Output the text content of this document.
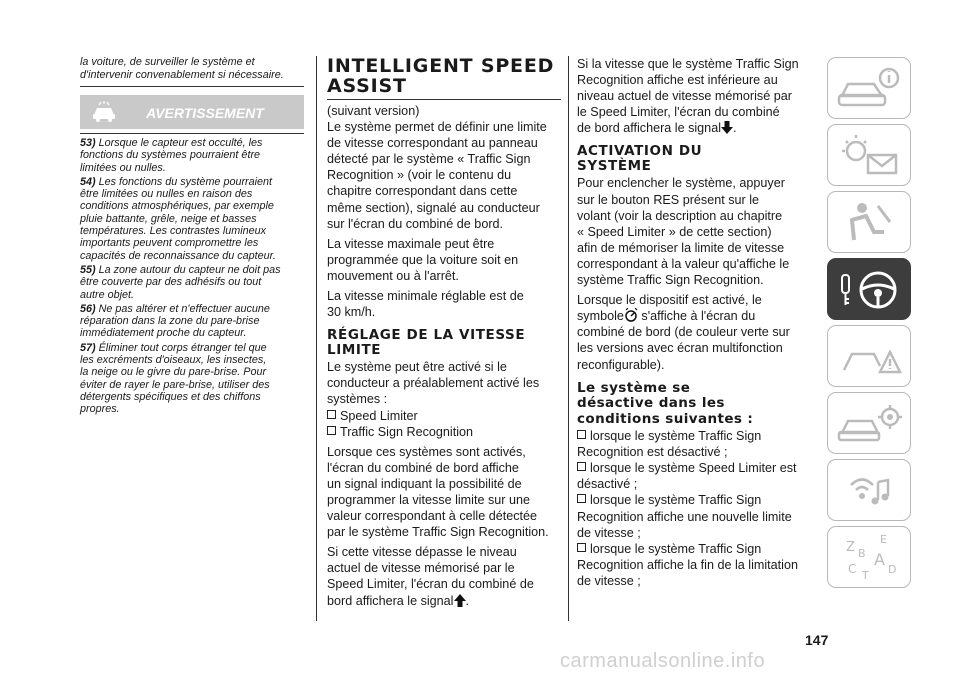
la voiture, de surveiller le système et

d'intervenir convenablement si nécessaire.

AVERTISSEMENT

53) Lorsque le capteur est occulté, les

fonctions du systèmes pourraient être

limitées ou nulles.

54) Les fonctions du système pourraient

être limitées ou nulles en raison des

conditions atmosphériques, par exemple

pluie battante, grêle, neige et basses

températures. Les contrastes lumineux

importants peuvent compromettre les

capacités de reconnaissance du capteur.

55) La zone autour du capteur ne doit pas

être couverte par des adhésifs ou tout

autre objet.

56) Ne pas altérer et n'effectuer aucune

réparation dans la zone du pare-brise

immédiatement proche du capteur.

57) Éliminer tout corps étranger tel que

les excréments d'oiseaux, les insectes,

la neige ou le givre du pare-brise. Pour

éviter de rayer le pare-brise, utiliser des

détergents spécifiques et des chiffons

propres.

INTELLIGENT SPEED
ASSIST

(suivant version)

Le système permet de définir une limite

de vitesse correspondant au panneau

détecté par le système « Traffic Sign

Recognition » (voir le contenu du

chapitre correspondant dans cette

même section), signalé au conducteur

sur l'écran du combiné de bord.

La vitesse maximale peut être

programmée que la voiture soit en

mouvement ou à l'arrêt.

La vitesse minimale réglable est de

30 km/h.

RÉGLAGE DE LA VITESSE
LIMITE

Le système peut être activé si le

conducteur a préalablement activé les

systèmes :

Speed Limiter

Traffic Sign Recognition

Lorsque ces systèmes sont activés,

l'écran du combiné de bord affiche

un signal indiquant la possibilité de

programmer la vitesse limite sur une

valeur correspondant à celle détectée

par le système Traffic Sign Recognition.

Si cette vitesse dépasse le niveau

actuel de vitesse mémorisé par le

Speed Limiter, l'écran du combiné de

bord affichera le signal .

Si la vitesse que le système Traffic Sign

Recognition affiche est inférieure au

niveau actuel de vitesse mémorisé par

le Speed Limiter, l'écran du combiné

de bord affichera le signal .

ACTIVATION DU
SYSTÈME

Pour enclencher le système, appuyer

sur le bouton RES présent sur le

volant (voir la description au chapitre

« Speed Limiter » de cette section)

afin de mémoriser la limite de vitesse

correspondant à la valeur qu'affiche le

système Traffic Sign Recognition.

Lorsque le dispositif est activé, le

symbole s'affiche à l'écran du

combiné de bord (de couleur verte sur

les versions avec écran multifonction

reconfigurable).

Le système se
désactive dans les
conditions suivantes :

lorsque le système Traffic Sign

Recognition est désactivé ;

lorsque le système Speed Limiter est

désactivé ;

lorsque le système Traffic Sign

Recognition affiche une nouvelle limite

de vitesse ;

lorsque le système Traffic Sign

Recognition affiche la fin de la limitation

de vitesse ;

Z
E
B A
C T D
147
carmanualsonline.info
